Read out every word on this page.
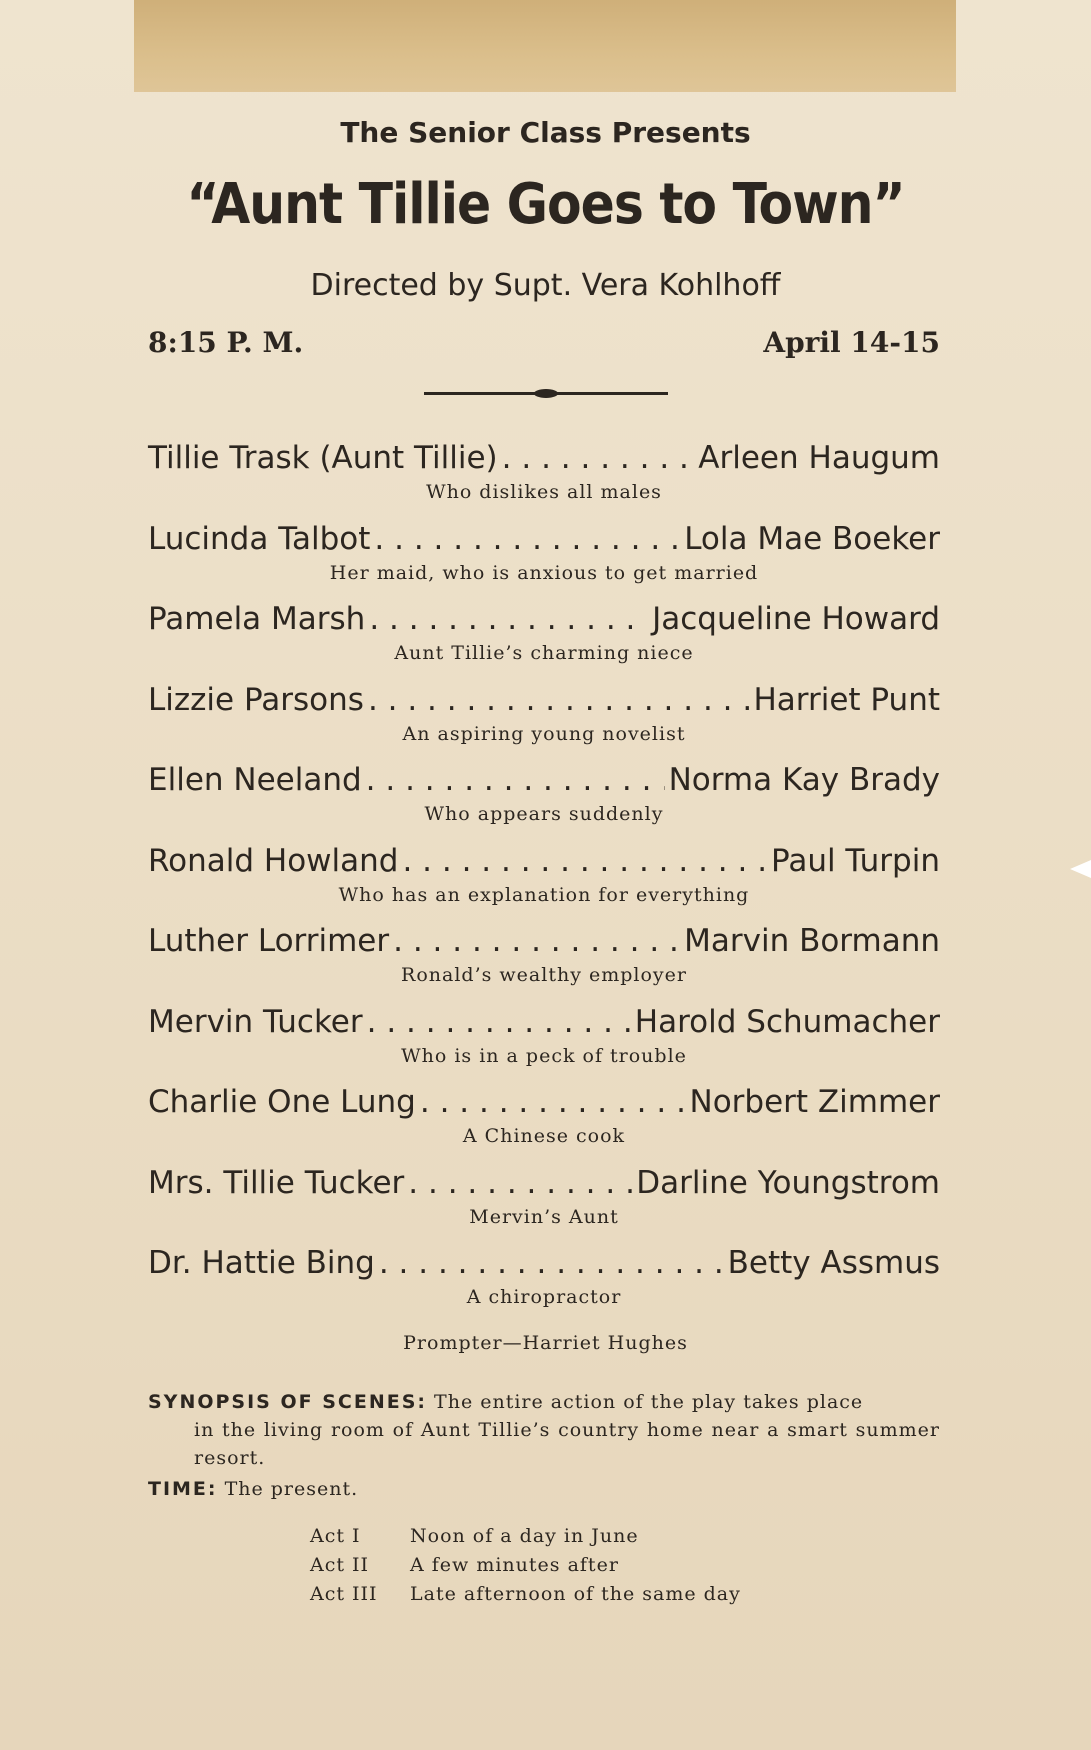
The Senior Class Presents
“Aunt Tillie Goes to Town”
Directed by Supt. Vera Kohlhoff
8:15 P. M.	April 14-15
Tillie Trask (Aunt Tillie) . . .	Arleen Haugum
Who dislikes all males
Lucinda Talbot . . .	Lola Mae Boeker
Her maid, who is anxious to get married
Pamela Marsh . . .	Jacqueline Howard
Aunt Tillie’s charming niece
Lizzie Parsons . . .	Harriet Punt
An aspiring young novelist
Ellen Neeland . . .	Norma Kay Brady
Who appears suddenly
Ronald Howland . . .	Paul Turpin
Who has an explanation for everything
Luther Lorrimer . . .	Marvin Bormann
Ronald’s wealthy employer
Mervin Tucker . . .	Harold Schumacher
Who is in a peck of trouble
Charlie One Lung . . .	Norbert Zimmer
A Chinese cook
Mrs. Tillie Tucker . . .	Darline Youngstrom
Mervin’s Aunt
Dr. Hattie Bing . . .	Betty Assmus
A chiropractor
Prompter—Harriet Hughes
SYNOPSIS OF SCENES: The entire action of the play takes place
in the living room of Aunt Tillie’s country home near a smart summer resort.
TIME: The present.
Act I	Noon of a day in June
Act II	A few minutes after
Act III	Late afternoon of the same day
